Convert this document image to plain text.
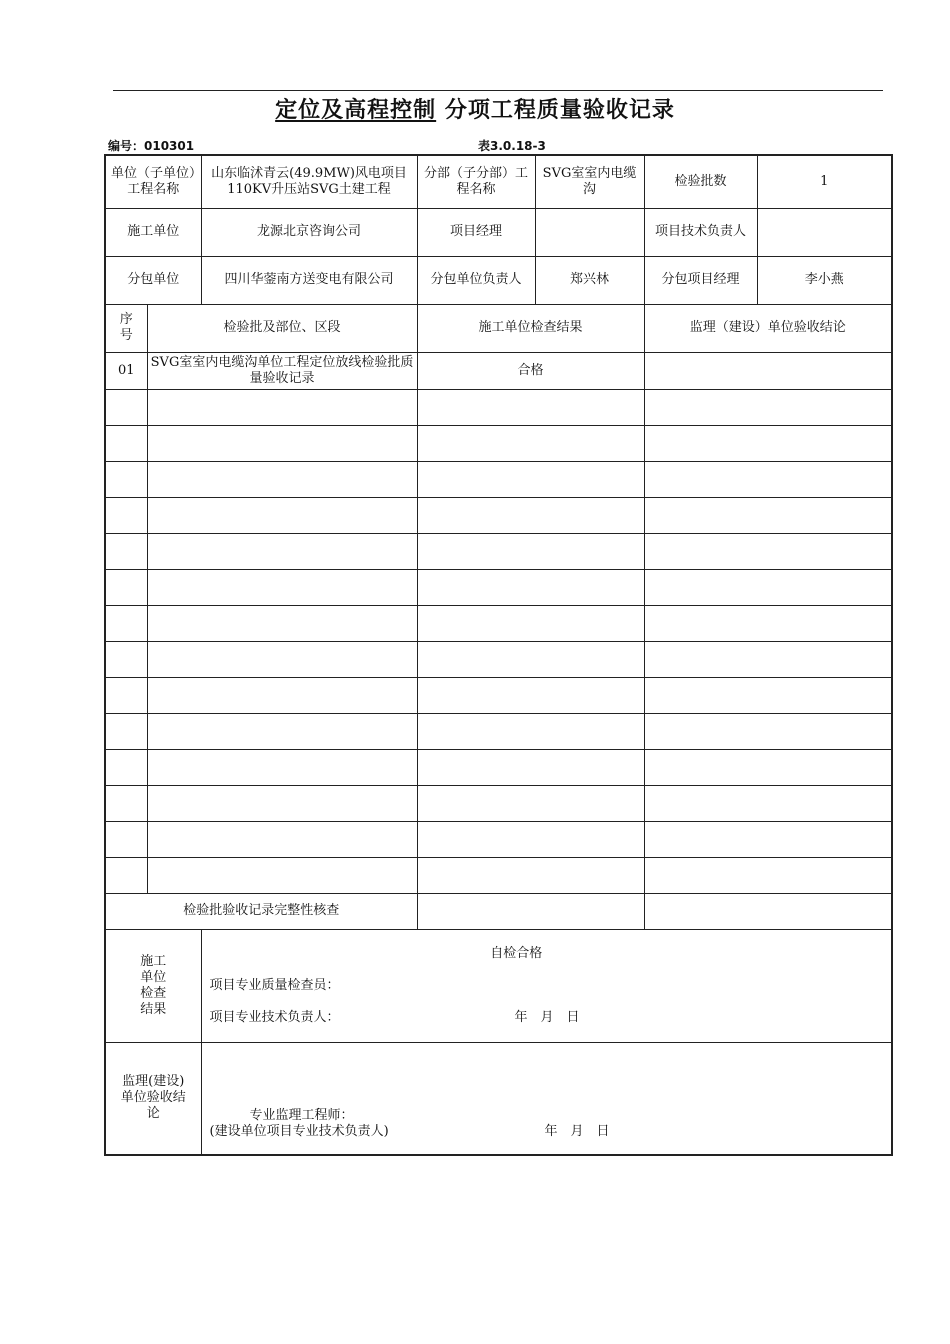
定位及高程控制 分项工程质量验收记录
编号：010301	表3.0.18-3
单位（子单位）工程名称		山东临沭青云(49.9MW)风电项目110KV升压站SVG土建工程	分部（子分部）工程名称	SVG室室内电缆沟	检验批数	1
施工单位		龙源北京咨询公司	项目经理		项目技术负责人	
分包单位		四川华蓥南方送变电有限公司	分包单位负责人	郑兴林	分包项目经理	李小燕
序号	检验批及部位、区段		施工单位检查结果		监理（建设）单位验收结论	
01	SVG室室内电缆沟单位工程定位放线检验批质量验收记录		合格			

检验批验收记录完整性核查						
施工单位检查结果		自检合格
项目专业质量检查员：
项目专业技术负责人： 年　月　日				

监理(建设)单位验收结论		专业监理工程师：
(建设单位项目专业技术负责人) 年　月　日				
